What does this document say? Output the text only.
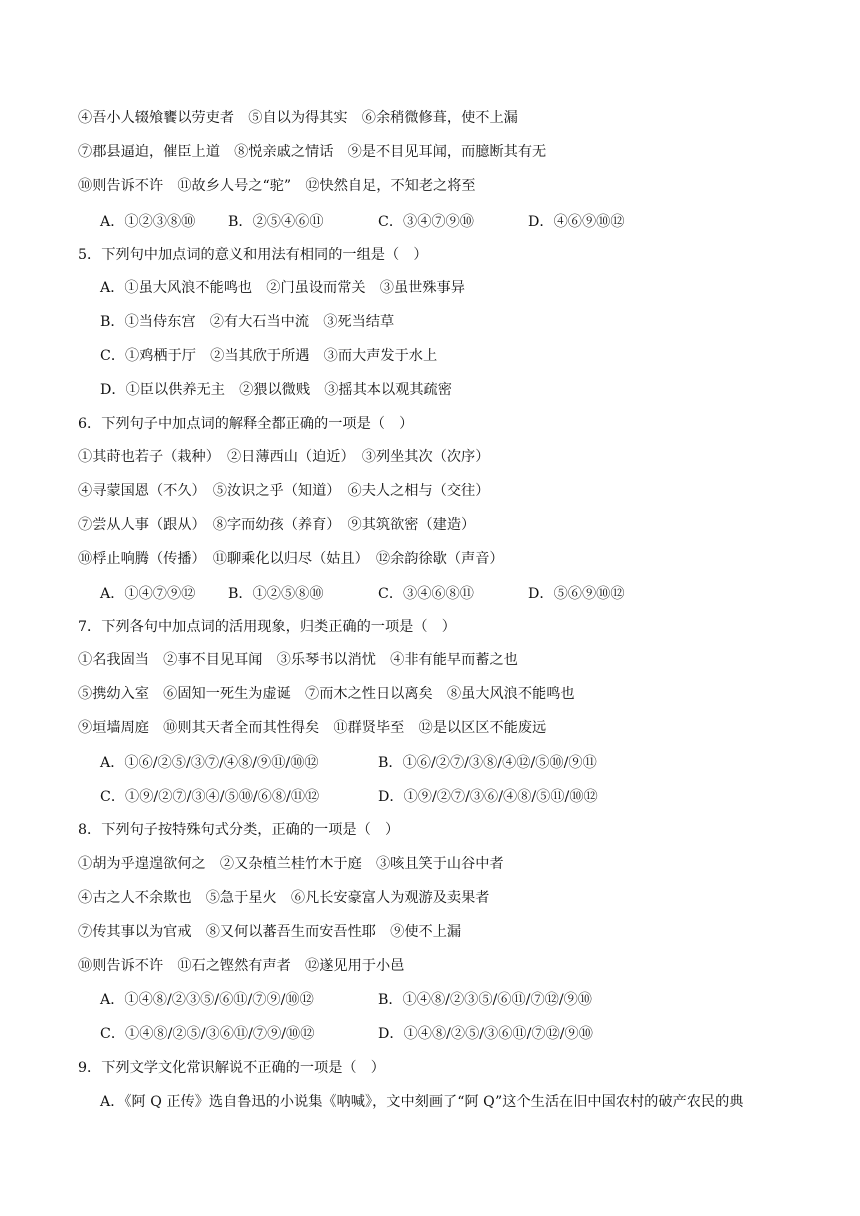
④吾小人辍飧饔以劳吏者　⑤自以为得其实　⑥余稍微修葺，使不上漏
⑦郡县逼迫，催臣上道　⑧悦亲戚之情话　⑨是不目见耳闻，而臆断其有无
⑩则告诉不许　⑪故乡人号之“驼”　⑫快然自足，不知老之将至
A．①②③⑧⑩ B．②⑤④⑥⑪	C．③④⑦⑨⑩	D．④⑥⑨⑩⑫
5．下列句中加点词的意义和用法有相同的一组是（　）
A．①虽大风浪不能鸣也　②门虽设而常关　③虽世殊事异
B．①当侍东宫　②有大石当中流　③死当结草
C．①鸡栖于厅　②当其欣于所遇　③而大声发于水上
D．①臣以供养无主　②猥以微贱　③摇其本以观其疏密
6．下列句子中加点词的解释全都正确的一项是（　）
①其莳也若子（栽种）　②日薄西山（迫近）　③列坐其次（次序）
④寻蒙国恩（不久）　⑤汝识之乎（知道）　⑥夫人之相与（交往）
⑦尝从人事（跟从）　⑧字而幼孩（养育）　⑨其筑欲密（建造）
⑩桴止响腾（传播）　⑪聊乘化以归尽（姑且）　⑫余韵徐歇（声音）
A．①④⑦⑨⑫ B．①②⑤⑧⑩	C．③④⑥⑧⑪	D．⑤⑥⑨⑩⑫
7．下列各句中加点词的活用现象，归类正确的一项是（　）
①名我固当　②事不目见耳闻　③乐琴书以消忧　④非有能早而蓄之也
⑤携幼入室　⑥固知一死生为虚诞　⑦而木之性日以离矣　⑧虽大风浪不能鸣也
⑨垣墙周庭　⑩则其天者全而其性得矣　⑪群贤毕至　⑫是以区区不能废远
A．①⑥/②⑤/③⑦/④⑧/⑨⑪/⑩⑫	B．①⑥/②⑦/③⑧/④⑫/⑤⑩/⑨⑪
C．①⑨/②⑦/③④/⑤⑩/⑥⑧/⑪⑫	D．①⑨/②⑦/③⑥/④⑧/⑤⑪/⑩⑫
8．下列句子按特殊句式分类，正确的一项是（　）
①胡为乎遑遑欲何之　②又杂植兰桂竹木于庭　③咳且笑于山谷中者
④古之人不余欺也　⑤急于星火　⑥凡长安豪富人为观游及卖果者
⑦传其事以为官戒　⑧又何以蕃吾生而安吾性耶　⑨使不上漏
⑩则告诉不许　⑪石之铿然有声者　⑫遂见用于小邑
A．①④⑧/②③⑤/⑥⑪/⑦⑨/⑩⑫	B．①④⑧/②③⑤/⑥⑪/⑦⑫/⑨⑩
C．①④⑧/②⑤/③⑥⑪/⑦⑨/⑩⑫	D．①④⑧/②⑤/③⑥⑪/⑦⑫/⑨⑩
9．下列文学文化常识解说不正确的一项是（　）
A．《阿 Q 正传》选自鲁迅的小说集《呐喊》，文中刻画了“阿 Q”这个生活在旧中国农村的破产农民的典
